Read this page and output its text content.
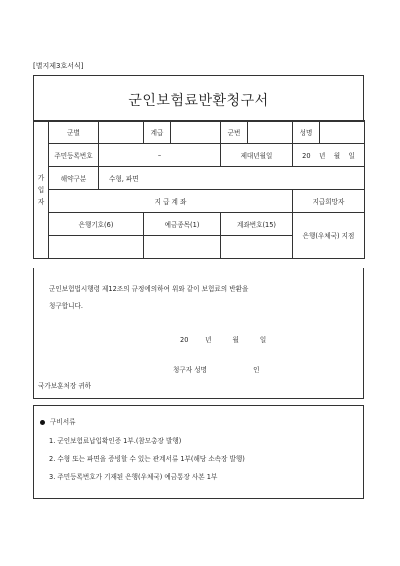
[별지제3호서식]
군인보험료반환청구서
가
입
자	군별		계급		군번		성명	
	주민등록번호	–			제대년월일		20 년 월 일	
	해약구분	수형, 파면						
	지 급 계 좌						지급희망자	
	은행기호(6)		예금종목(1)		계좌번호(15)		은행(우체국) 지점	

군인보험법시행령 제12조의 규정에의하여 위와 같이 보험료의 반환을
청구합니다.
20	년	월	일
청구자 성명	인
국가보훈처장 귀하
구비서류
1. 군인보험료납입확인증 1부.(참모총장 발행)
2. 수형 또는 파면을 증빙할 수 있는 관계서류 1부(해당 소속장 발행)
3. 주민등록번호가 기재된 은행(우체국) 예금통장 사본 1부
